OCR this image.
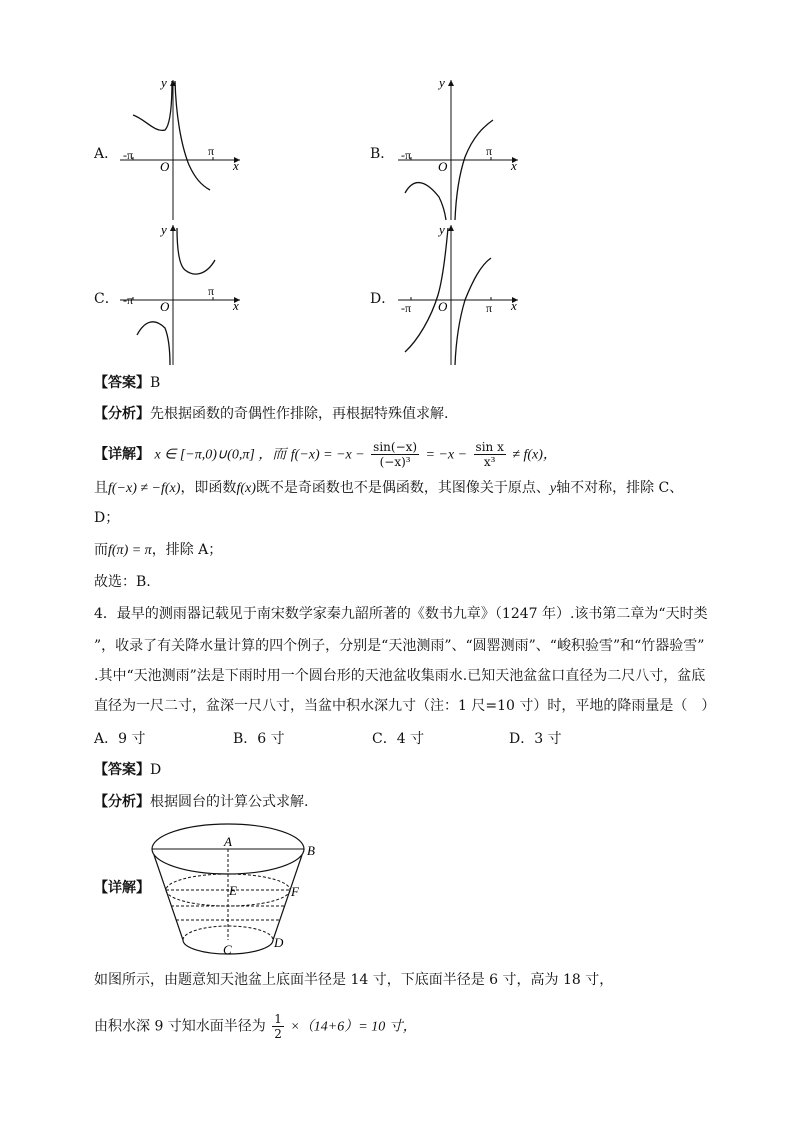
A．	B．
C．	D．
y
x
O
-π	π
y
x
O
-π	π
y
x
O
-π
π
y
x
O
-π	π
【答案】B
【分析】先根据函数的奇偶性作排除，再根据特殊值求解.
【详解】 x ∈ [−π,0)∪(0,π] ，而 $f(-x) = -x - \frac{\sin(-x)}{\text{(−x)³}} = -x - \frac{\text{sin x}}{\text{x³}} \ne f(x)$，
且f(−x) ≠ −f(x)，即函数f(x)既不是奇函数也不是偶函数，其图像关于原点、y轴不对称，排除 C、
D；
而f(π) = π，排除 A；
故选：B.
4．最早的测雨器记载见于南宋数学家秦九韶所著的《数书九章》（1247 年）.该书第二章为“天时类
”，收录了有关降水量计算的四个例子，分别是“天池测雨”、“圆罂测雨”、“峻积验雪”和“竹器验雪”
.其中“天池测雨”法是下雨时用一个圆台形的天池盆收集雨水.已知天池盆盆口直径为二尺八寸，盆底
直径为一尺二寸，盆深一尺八寸，当盆中积水深九寸（注：1 尺=10 寸）时，平地的降雨量是（　）
A．9 寸	B．6 寸	C．4 寸	D．3 寸
【答案】D
【分析】根据圆台的计算公式求解.
【详解】
A
B
E	F
C	D
如图所示，由题意知天池盆上底面半径是 14 寸，下底面半径是 6 寸，高为 18 寸，
由积水深 9 寸知水面半径为 $\frac{1}{2} \times(14+6)= 10$ 寸，
